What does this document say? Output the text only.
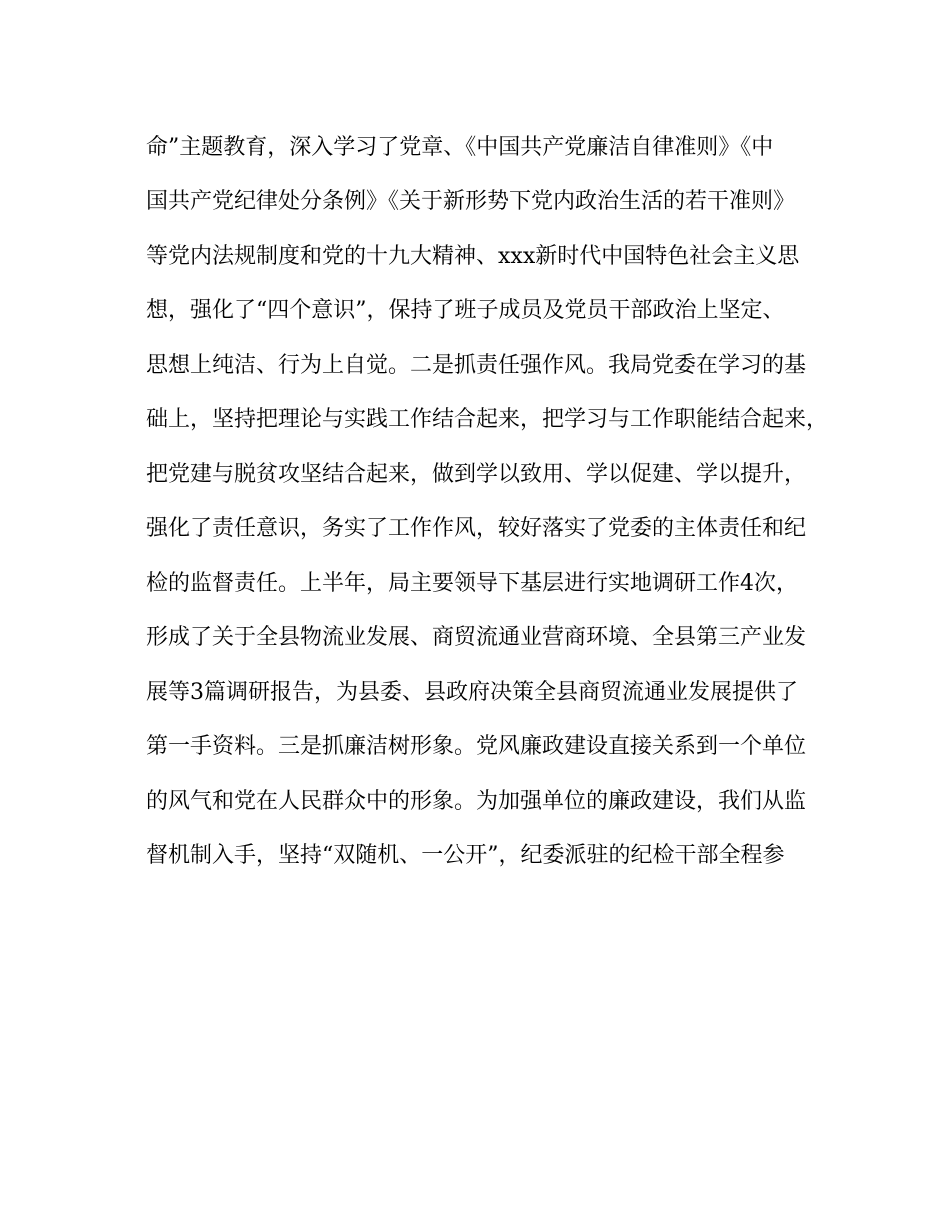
命”主题教育，深入学习了党章、《中国共产党廉洁自律准则》《中
国共产党纪律处分条例》《关于新形势下党内政治生活的若干准则》
等党内法规制度和党的十九大精神、xxx新时代中国特色社会主义思
想，强化了“四个意识”，保持了班子成员及党员干部政治上坚定、
思想上纯洁、行为上自觉。二是抓责任强作风。我局党委在学习的基
础上，坚持把理论与实践工作结合起来，把学习与工作职能结合起来，
把党建与脱贫攻坚结合起来，做到学以致用、学以促建、学以提升，
强化了责任意识，务实了工作作风，较好落实了党委的主体责任和纪
检的监督责任。上半年，局主要领导下基层进行实地调研工作4次，
形成了关于全县物流业发展、商贸流通业营商环境、全县第三产业发
展等3篇调研报告，为县委、县政府决策全县商贸流通业发展提供了
第一手资料。三是抓廉洁树形象。党风廉政建设直接关系到一个单位
的风气和党在人民群众中的形象。为加强单位的廉政建设，我们从监
督机制入手，坚持“双随机、一公开”，纪委派驻的纪检干部全程参
